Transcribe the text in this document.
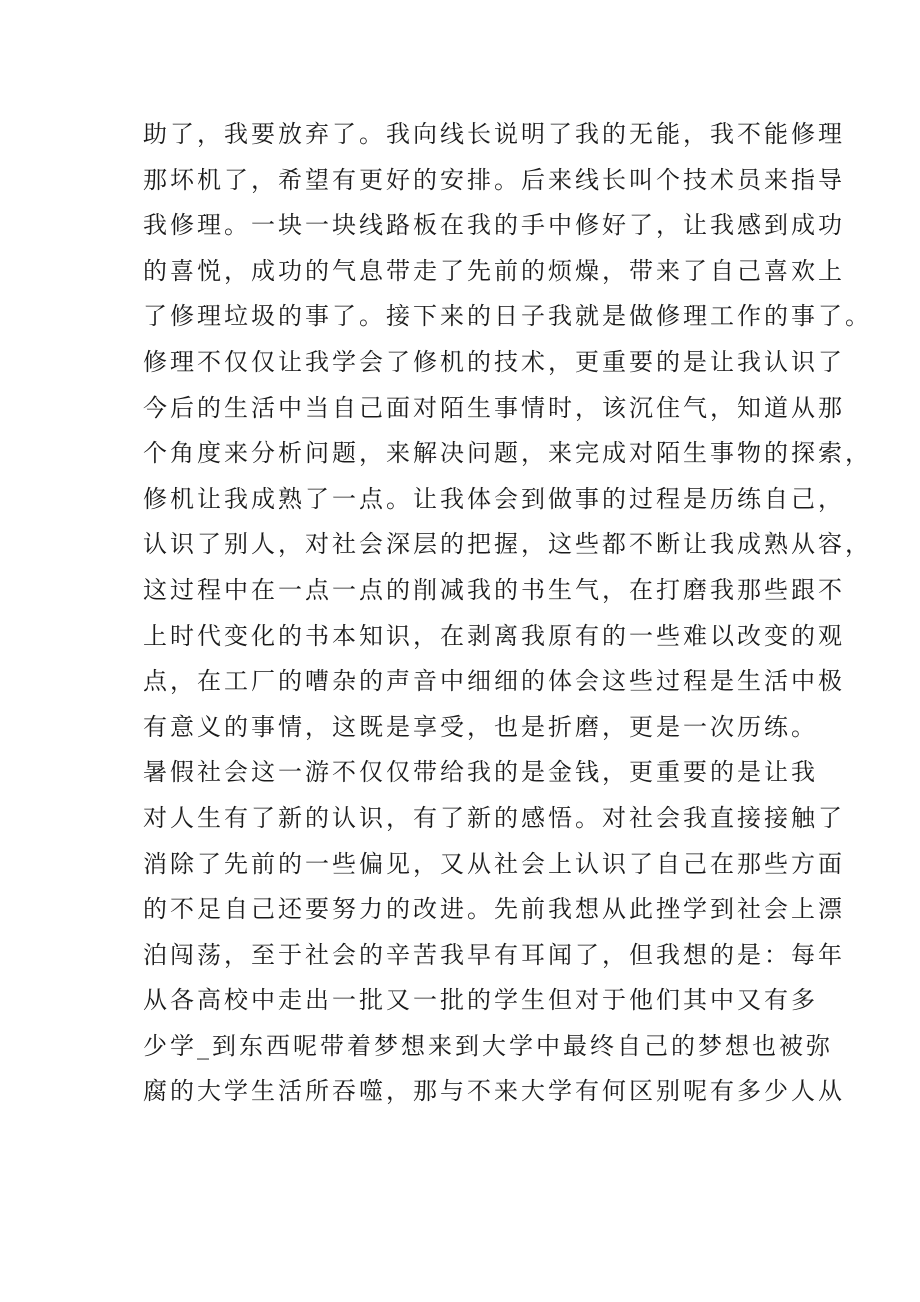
助了，我要放弃了。我向线长说明了我的无能，我不能修理
那坏机了，希望有更好的安排。后来线长叫个技术员来指导
我修理。一块一块线路板在我的手中修好了，让我感到成功
的喜悦，成功的气息带走了先前的烦燥，带来了自己喜欢上
了修理垃圾的事了。接下来的日子我就是做修理工作的事了。
修理不仅仅让我学会了修机的技术，更重要的是让我认识了
今后的生活中当自己面对陌生事情时，该沉住气，知道从那
个角度来分析问题，来解决问题，来完成对陌生事物的探索，
修机让我成熟了一点。让我体会到做事的过程是历练自己，
认识了别人，对社会深层的把握，这些都不断让我成熟从容，
这过程中在一点一点的削减我的书生气，在打磨我那些跟不
上时代变化的书本知识，在剥离我原有的一些难以改变的观
点，在工厂的嘈杂的声音中细细的体会这些过程是生活中极
有意义的事情，这既是享受，也是折磨，更是一次历练。
暑假社会这一游不仅仅带给我的是金钱，更重要的是让我
对人生有了新的认识，有了新的感悟。对社会我直接接触了
消除了先前的一些偏见，又从社会上认识了自己在那些方面
的不足自己还要努力的改进。先前我想从此挫学到社会上漂
泊闯荡，至于社会的辛苦我早有耳闻了，但我想的是：每年
从各高校中走出一批又一批的学生但对于他们其中又有多
少学_到东西呢带着梦想来到大学中最终自己的梦想也被弥
腐的大学生活所吞噬，那与不来大学有何区别呢有多少人从
